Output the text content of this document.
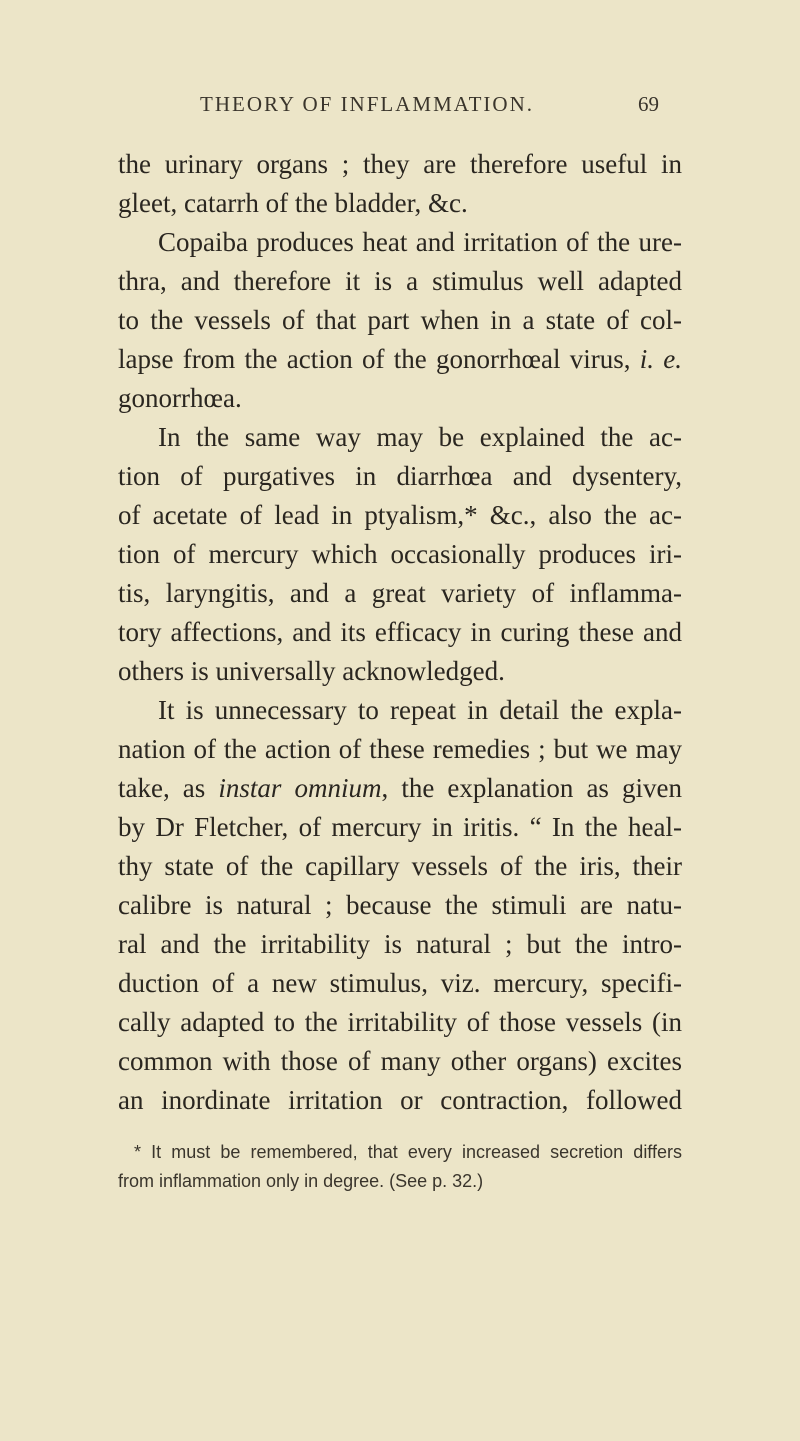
THEORY OF INFLAMMATION.	69
the urinary organs ; they are therefore useful in
gleet, catarrh of the bladder, &c.
Copaiba produces heat and irritation of the ure-
thra, and therefore it is a stimulus well adapted
to the vessels of that part when in a state of col-
lapse from the action of the gonorrhœal virus, i. e.
gonorrhœa.
In the same way may be explained the ac-
tion of purgatives in diarrhœa and dysentery,
of acetate of lead in ptyalism,* &c., also the ac-
tion of mercury which occasionally produces iri-
tis, laryngitis, and a great variety of inflamma-
tory affections, and its efficacy in curing these and
others is universally acknowledged.
It is unnecessary to repeat in detail the expla-
nation of the action of these remedies ; but we may
take, as instar omnium, the explanation as given
by Dr Fletcher, of mercury in iritis. “ In the heal-
thy state of the capillary vessels of the iris, their
calibre is natural ; because the stimuli are natu-
ral and the irritability is natural ; but the intro-
duction of a new stimulus, viz. mercury, specifi-
cally adapted to the irritability of those vessels (in
common with those of many other organs) excites
an inordinate irritation or contraction, followed
* It must be remembered, that every increased secretion differs
from inflammation only in degree. (See p. 32.)
